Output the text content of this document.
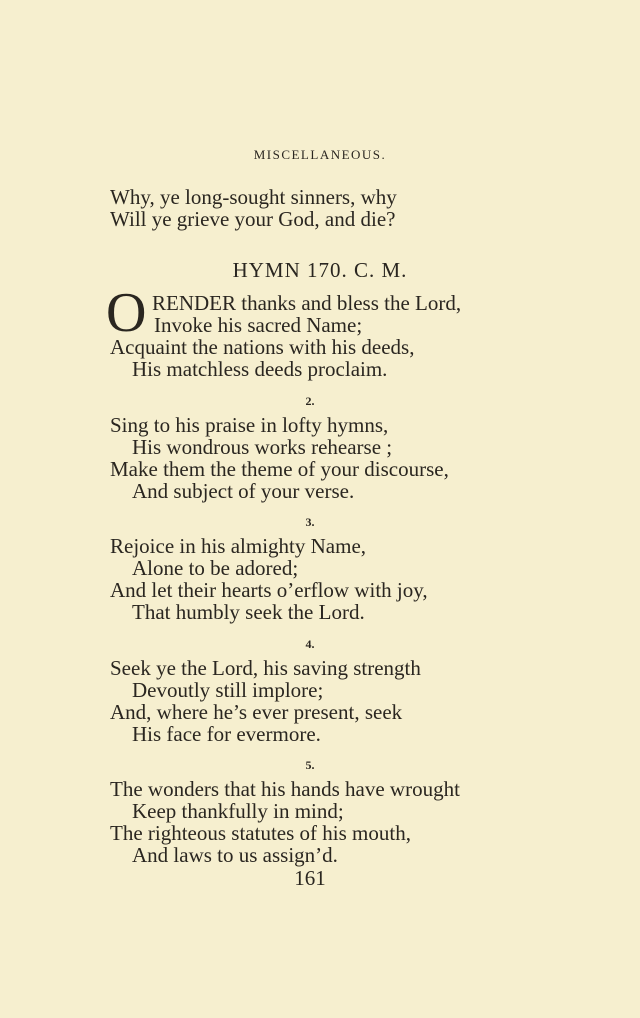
MISCELLANEOUS.
Why, ye long-sought sinners, why
Will ye grieve your God, and die?
HYMN 170. C. M.
O RENDER thanks and bless the Lord,
Invoke his sacred Name;
Acquaint the nations with his deeds,
His matchless deeds proclaim.
2.
Sing to his praise in lofty hymns,
His wondrous works rehearse ;
Make them the theme of your discourse,
And subject of your verse.
3.
Rejoice in his almighty Name,
Alone to be adored;
And let their hearts o’erflow with joy,
That humbly seek the Lord.
4.
Seek ye the Lord, his saving strength
Devoutly still implore;
And, where he’s ever present, seek
His face for evermore.
5.
The wonders that his hands have wrought
Keep thankfully in mind;
The righteous statutes of his mouth,
And laws to us assign’d.
161
